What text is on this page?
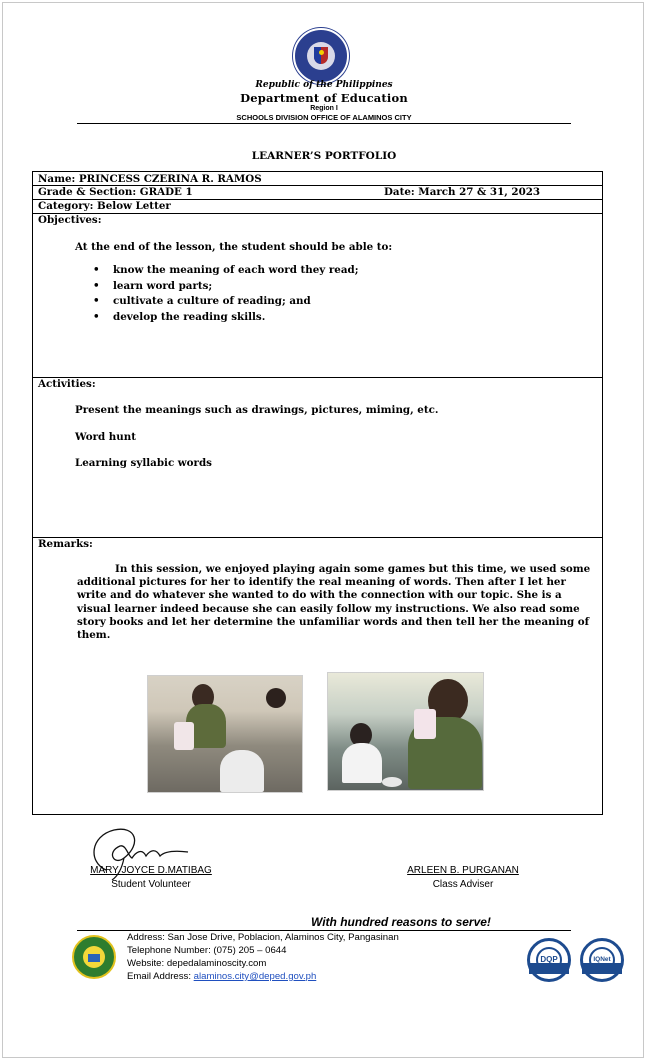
Republic of the Philippines
Department of Education
Region I
SCHOOLS DIVISION OFFICE OF ALAMINOS CITY
LEARNER’S PORTFOLIO
Name: PRINCESS CZERINA R. RAMOS
Grade & Section: GRADE 1	Date: March 27 & 31, 2023
Category: Below Letter
Objectives:
At the end of the lesson, the student should be able to:
• know the meaning of each word they read;
• learn word parts;
• cultivate a culture of reading; and
• develop the reading skills.
Activities:
Present the meanings such as drawings, pictures, miming, etc.
Word hunt
Learning syllabic words
Remarks:
In this session, we enjoyed playing again some games but this time, we used some additional pictures for her to identify the real meaning of words. Then after I let her write and do whatever she wanted to do with the connection with our topic. She is a visual learner indeed because she can easily follow my instructions. We also read some story books and let her determine the unfamiliar words and then tell her the meaning of them.
MARY JOYCE D.MATIBAG
Student Volunteer
ARLEEN B. PURGANAN
Class Adviser
With hundred reasons to serve!
Address: San Jose Drive, Poblacion, Alaminos City, Pangasinan
Telephone Number: (075) 205 – 0644
Website: depedalaminoscity.com
Email Address: alaminos.city@deped.gov.ph
DQP	IQNet
